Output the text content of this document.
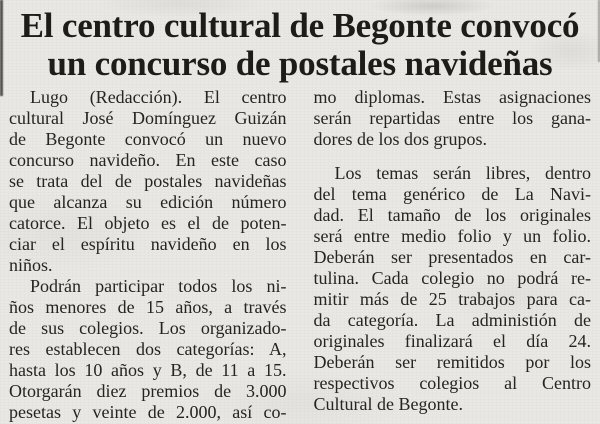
El centro cultural de Begonte convocó
un concurso de postales navideñas
Lugo (Redacción). El centro
cultural José Domínguez Guizán
de Begonte convocó un nuevo
concurso navideño. En este caso
se trata del de postales navideñas
que alcanza su edición número
catorce. El objeto es el de poten-
ciar el espíritu navideño en los
niños.
Podrán participar todos los ni-
ños menores de 15 años, a través
de sus colegios. Los organizado-
res establecen dos categorías: A,
hasta los 10 años y B, de 11 a 15.
Otorgarán diez premios de 3.000
pesetas y veinte de 2.000, así co-
mo diplomas. Estas asignaciones
serán repartidas entre los gana-
dores de los dos grupos.
Los temas serán libres, dentro
del tema genérico de La Navi-
dad. El tamaño de los originales
será entre medio folio y un folio.
Deberán ser presentados en car-
tulina. Cada colegio no podrá re-
mitir más de 25 trabajos para ca-
da categoría. La administión de
originales finalizará el día 24.
Deberán ser remitidos por los
respectivos colegios al Centro
Cultural de Begonte.
